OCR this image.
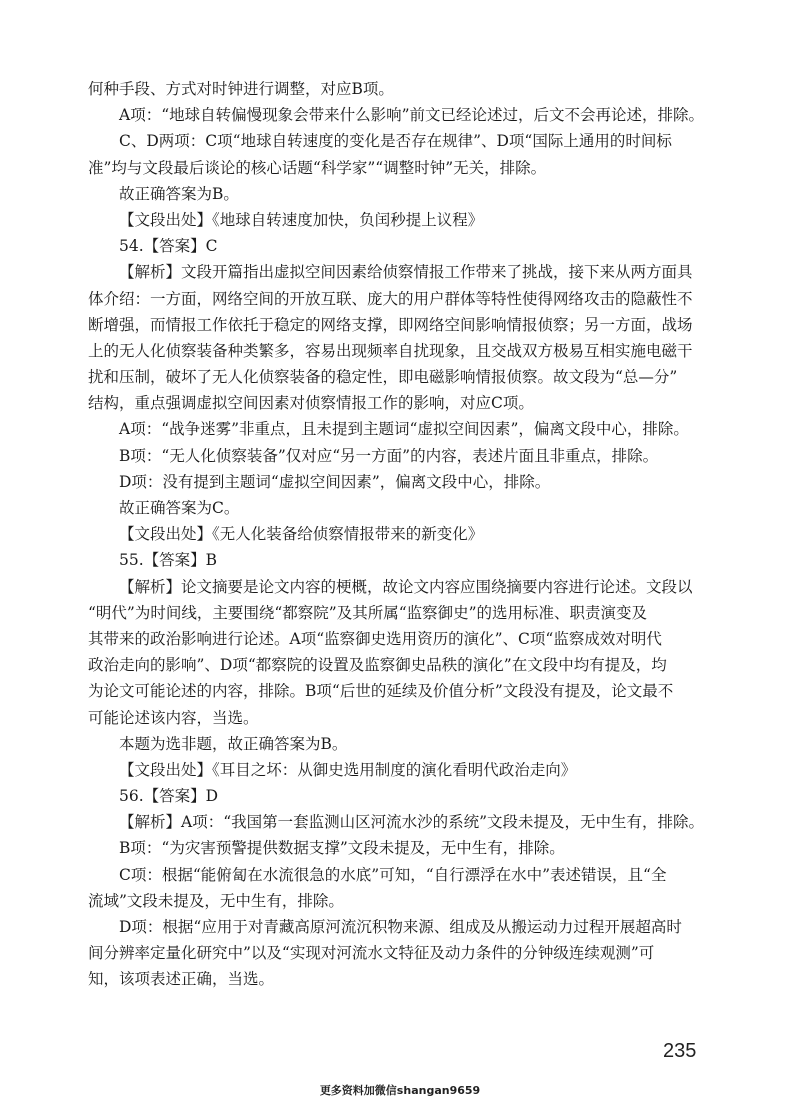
何种手段、方式对时钟进行调整，对应B项。
A项：“地球自转偏慢现象会带来什么影响”前文已经论述过，后文不会再论述，排除。
C、D两项：C项“地球自转速度的变化是否存在规律”、D项“国际上通用的时间标
准”均与文段最后谈论的核心话题“科学家”“调整时钟”无关，排除。
故正确答案为B。
【文段出处】《地球自转速度加快，负闰秒提上议程》
54.【答案】C
【解析】文段开篇指出虚拟空间因素给侦察情报工作带来了挑战，接下来从两方面具
体介绍：一方面，网络空间的开放互联、庞大的用户群体等特性使得网络攻击的隐蔽性不
断增强，而情报工作依托于稳定的网络支撑，即网络空间影响情报侦察；另一方面，战场
上的无人化侦察装备种类繁多，容易出现频率自扰现象，且交战双方极易互相实施电磁干
扰和压制，破坏了无人化侦察装备的稳定性，即电磁影响情报侦察。故文段为“总—分”
结构，重点强调虚拟空间因素对侦察情报工作的影响，对应C项。
A项：“战争迷雾”非重点，且未提到主题词“虚拟空间因素”，偏离文段中心，排除。
B项：“无人化侦察装备”仅对应“另一方面”的内容，表述片面且非重点，排除。
D项：没有提到主题词“虚拟空间因素”，偏离文段中心，排除。
故正确答案为C。
【文段出处】《无人化装备给侦察情报带来的新变化》
55.【答案】B
【解析】论文摘要是论文内容的梗概，故论文内容应围绕摘要内容进行论述。文段以
“明代”为时间线，主要围绕“都察院”及其所属“监察御史”的选用标准、职责演变及
其带来的政治影响进行论述。A项“监察御史选用资历的演化”、C项“监察成效对明代
政治走向的影响”、D项“都察院的设置及监察御史品秩的演化”在文段中均有提及，均
为论文可能论述的内容，排除。B项“后世的延续及价值分析”文段没有提及，论文最不
可能论述该内容，当选。
本题为选非题，故正确答案为B。
【文段出处】《耳目之坏：从御史选用制度的演化看明代政治走向》
56.【答案】D
【解析】A项：“我国第一套监测山区河流水沙的系统”文段未提及，无中生有，排除。
B项：“为灾害预警提供数据支撑”文段未提及，无中生有，排除。
C项：根据“能俯匐在水流很急的水底”可知，“自行漂浮在水中”表述错误，且“全
流域”文段未提及，无中生有，排除。
D项：根据“应用于对青藏高原河流沉积物来源、组成及从搬运动力过程开展超高时
间分辨率定量化研究中”以及“实现对河流水文特征及动力条件的分钟级连续观测”可
知，该项表述正确，当选。
235
更多资料加微信shangan9659
